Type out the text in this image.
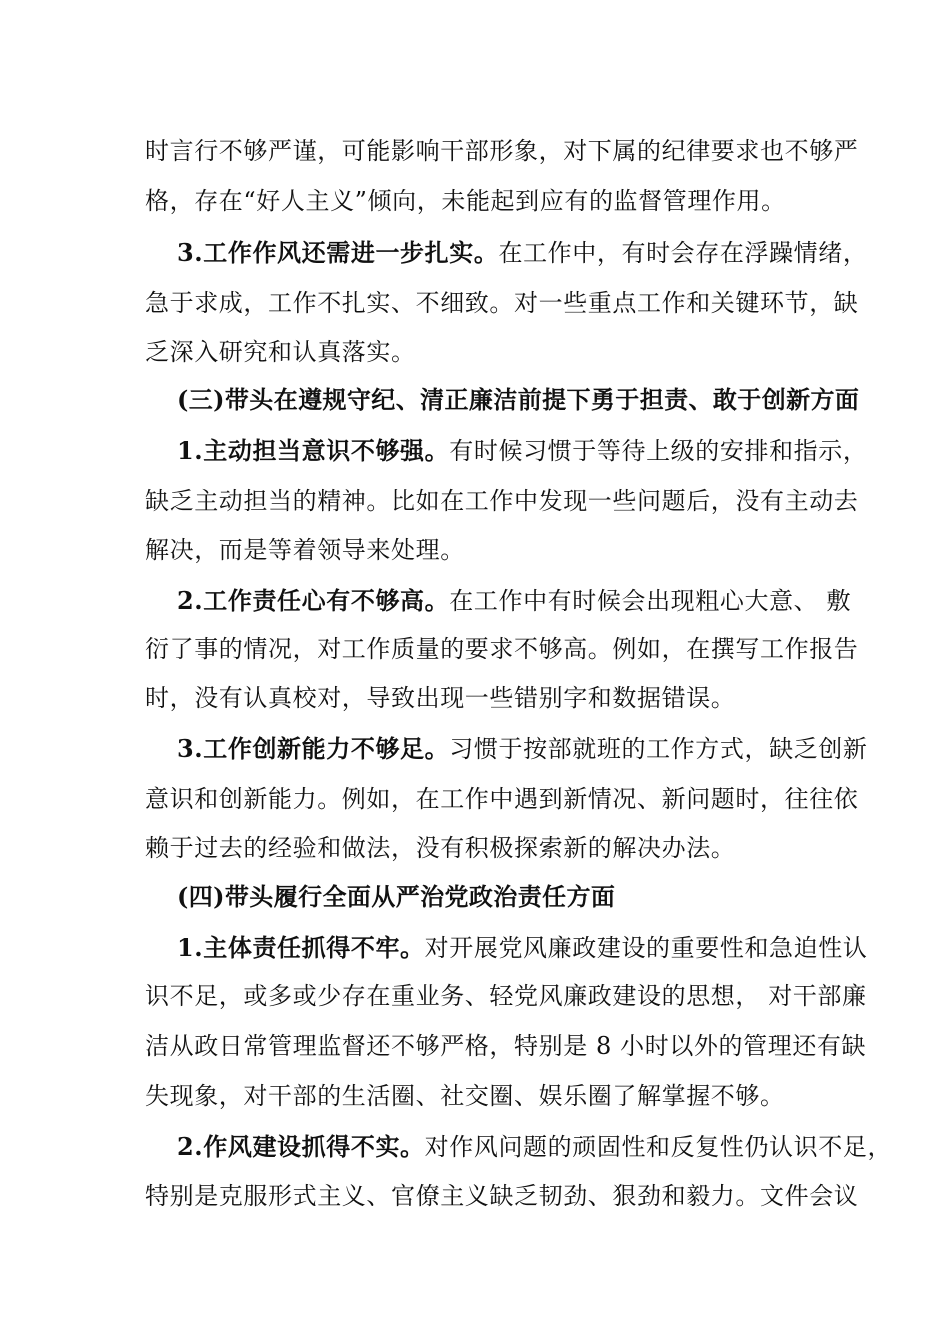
时言行不够严谨，可能影响干部形象，对下属的纪律要求也不够严
格，存在“好人主义”倾向，未能起到应有的监督管理作用。
3.工作作风还需进一步扎实。在工作中，有时会存在浮躁情绪，
急于求成，工作不扎实、不细致。对一些重点工作和关键环节，缺
乏深入研究和认真落实。
(三)带头在遵规守纪、清正廉洁前提下勇于担责、敢于创新方面
1.主动担当意识不够强。有时候习惯于等待上级的安排和指示，
缺乏主动担当的精神。比如在工作中发现一些问题后，没有主动去
解决，而是等着领导来处理。
2.工作责任心有不够高。在工作中有时候会出现粗心大意、 敷
衍了事的情况，对工作质量的要求不够高。例如，在撰写工作报告
时，没有认真校对，导致出现一些错别字和数据错误。
3.工作创新能力不够足。习惯于按部就班的工作方式，缺乏创新
意识和创新能力。例如，在工作中遇到新情况、新问题时，往往依
赖于过去的经验和做法，没有积极探索新的解决办法。
(四)带头履行全面从严治党政治责任方面
1.主体责任抓得不牢。对开展党风廉政建设的重要性和急迫性认
识不足，或多或少存在重业务、轻党风廉政建设的思想， 对干部廉
洁从政日常管理监督还不够严格，特别是 8 小时以外的管理还有缺
失现象，对干部的生活圈、社交圈、娱乐圈了解掌握不够。
2.作风建设抓得不实。对作风问题的顽固性和反复性仍认识不足，
特别是克服形式主义、官僚主义缺乏韧劲、狠劲和毅力。文件会议
